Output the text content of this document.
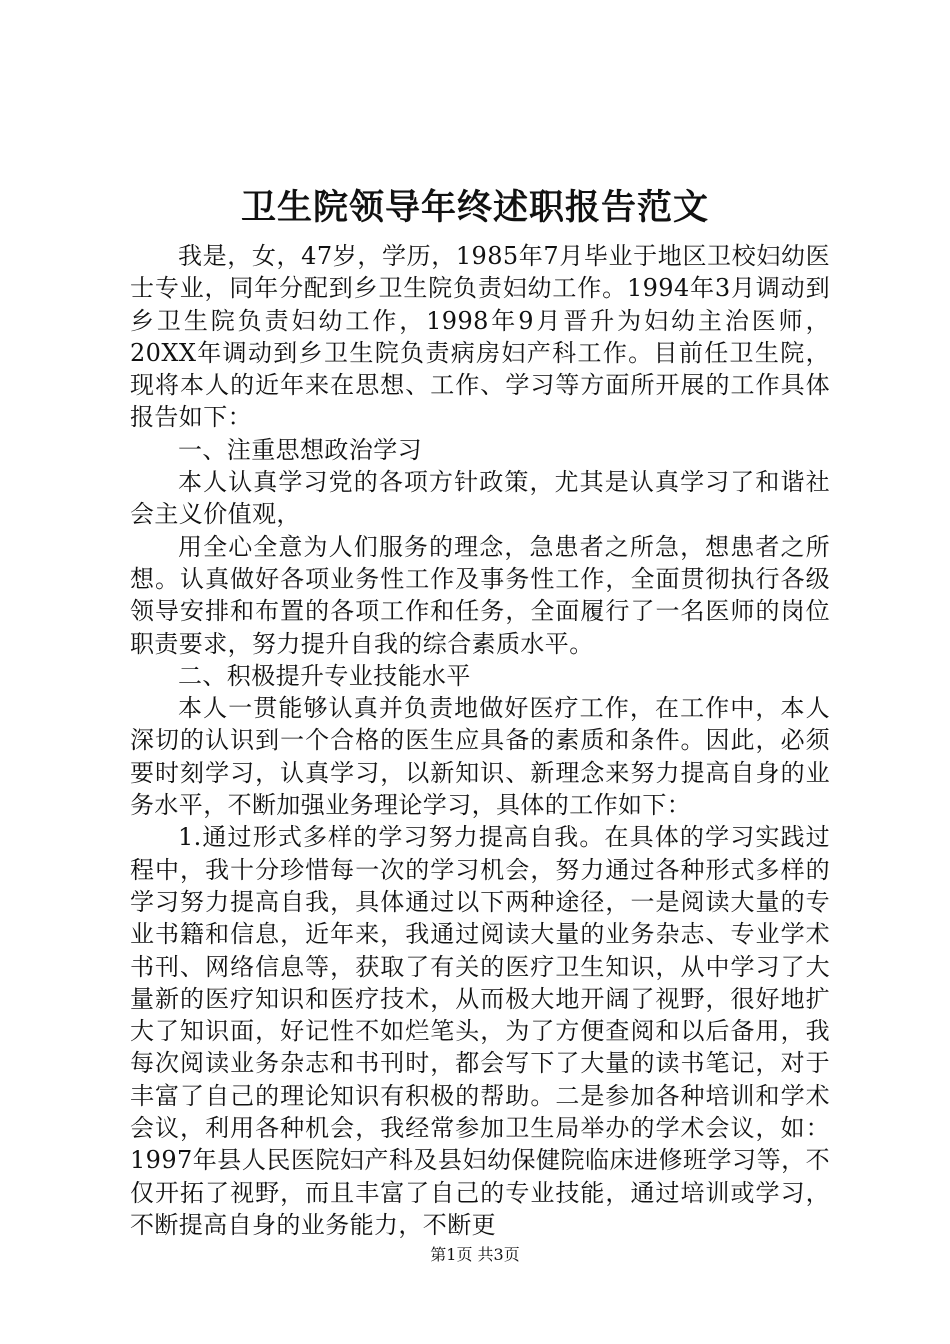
卫生院领导年终述职报告范文

我是，女，47岁，学历，1985年7月毕业于地区卫校妇幼医士专业，同年分配到乡卫生院负责妇幼工作。1994年3月调动到乡卫生院负责妇幼工作，1998年9月晋升为妇幼主治医师，20XX年调动到乡卫生院负责病房妇产科工作。目前任卫生院，现将本人的近年来在思想、工作、学习等方面所开展的工作具体报告如下：

一、注重思想政治学习

本人认真学习党的各项方针政策，尤其是认真学习了和谐社会主义价值观，

用全心全意为人们服务的理念，急患者之所急，想患者之所想。认真做好各项业务性工作及事务性工作，全面贯彻执行各级领导安排和布置的各项工作和任务，全面履行了一名医师的岗位职责要求，努力提升自我的综合素质水平。

二、积极提升专业技能水平

本人一贯能够认真并负责地做好医疗工作，在工作中，本人深切的认识到一个合格的医生应具备的素质和条件。因此，必须要时刻学习，认真学习，以新知识、新理念来努力提高自身的业务水平，不断加强业务理论学习，具体的工作如下：

1.通过形式多样的学习努力提高自我。在具体的学习实践过程中，我十分珍惜每一次的学习机会，努力通过各种形式多样的学习努力提高自我，具体通过以下两种途径，一是阅读大量的专业书籍和信息，近年来，我通过阅读大量的业务杂志、专业学术书刊、网络信息等，获取了有关的医疗卫生知识，从中学习了大量新的医疗知识和医疗技术，从而极大地开阔了视野，很好地扩大了知识面，好记性不如烂笔头，为了方便查阅和以后备用，我每次阅读业务杂志和书刊时，都会写下了大量的读书笔记，对于丰富了自己的理论知识有积极的帮助。二是参加各种培训和学术会议，利用各种机会，我经常参加卫生局举办的学术会议，如：1997年县人民医院妇产科及县妇幼保健院临床进修班学习等，不仅开拓了视野，而且丰富了自己的专业技能，通过培训或学习，不断提高自身的业务能力，不断更

第1页 共3页
